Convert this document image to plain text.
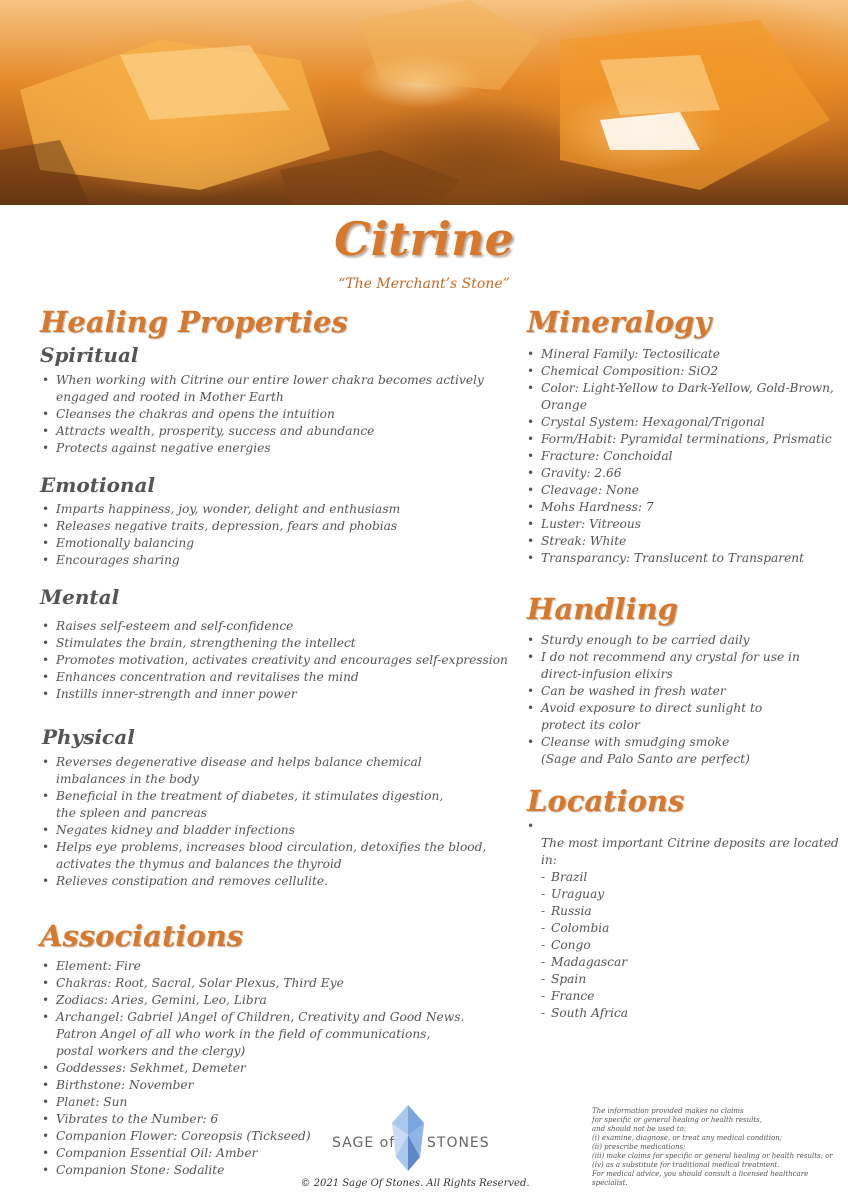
Citrine
“The Merchant’s Stone”
Healing Properties
Spiritual
• When working with Citrine our entire lower chakra becomes actively
engaged and rooted in Mother Earth
• Cleanses the chakras and opens the intuition
• Attracts wealth, prosperity, success and abundance
• Protects against negative energies
Emotional
• Imparts happiness, joy, wonder, delight and enthusiasm
• Releases negative traits, depression, fears and phobias
• Emotionally balancing
• Encourages sharing
Mental
• Raises self-esteem and self-confidence
• Stimulates the brain, strengthening the intellect
• Promotes motivation, activates creativity and encourages self-expression
• Enhances concentration and revitalises the mind
• Instills inner-strength and inner power
Physical
• Reverses degenerative disease and helps balance chemical
imbalances in the body
• Beneficial in the treatment of diabetes, it stimulates digestion,
the spleen and pancreas
• Negates kidney and bladder infections
• Helps eye problems, increases blood circulation, detoxifies the blood,
activates the thymus and balances the thyroid
• Relieves constipation and removes cellulite.
Associations
• Element: Fire
• Chakras: Root, Sacral, Solar Plexus, Third Eye
• Zodiacs: Aries, Gemini, Leo, Libra
• Archangel: Gabriel )Angel of Children, Creativity and Good News.
Patron Angel of all who work in the field of communications,
postal workers and the clergy)
• Goddesses: Sekhmet, Demeter
• Birthstone: November
• Planet: Sun
• Vibrates to the Number: 6
• Companion Flower: Coreopsis (Tickseed)
• Companion Essential Oil: Amber
• Companion Stone: Sodalite
Mineralogy
• Mineral Family: Tectosilicate
• Chemical Composition: SiO2
• Color: Light-Yellow to Dark-Yellow, Gold-Brown,
Orange
• Crystal System: Hexagonal/Trigonal
• Form/Habit: Pyramidal terminations, Prismatic
• Fracture: Conchoidal
• Gravity: 2.66
• Cleavage: None
• Mohs Hardness: 7
• Luster: Vitreous
• Streak: White
• Transparancy: Translucent to Transparent
Handling
• Sturdy enough to be carried daily
• I do not recommend any crystal for use in
direct-infusion elixirs
• Can be washed in fresh water
• Avoid exposure to direct sunlight to
protect its color
• Cleanse with smudging smoke
(Sage and Palo Santo are perfect)
Locations

• The most important Citrine deposits are located in:

- Brazil
- Uraguay
- Russia
- Colombia
- Congo
- Madagascar
- Spain
- France
- South Africa

SAGE of STONES
© 2021 Sage Of Stones. All Rights Reserved.
The information provided makes no claims
for specific or general healing or health results,
and should not be used to:
(i) examine, diagnose, or treat any medical condition;
(ii) prescribe medications;
(iii) make claims for specific or general healing or health results; or
(iv) as a substitute for traditional medical treatment.
For medical advice, you should consult a licensed healthcare specialist.
